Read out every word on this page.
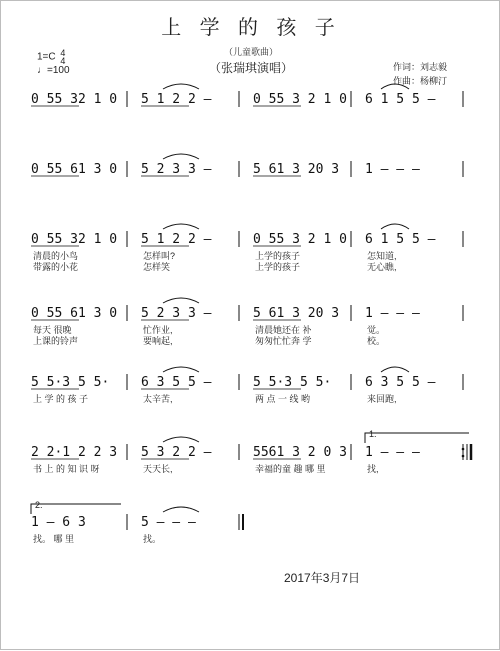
上 学 的 孩 子
（儿童歌曲）
（张瑞琪演唱）
1=C 4
4
♩=100	作词：刘志毅
作曲：杨柳汀
0 55 32 1 0 5 1 2 2 –	0 55 3 2 1 0 6 1 5 5 –
0 55 61 3 0 5 2 3 3 –	5 61 3 20 3 1 – – –
0 55 32 1 0 5 1 2 2 –	0 55 3 2 1 0 6 1 5 5 –
清晨的小鸟	怎样叫?	上学的孩子	怎知道,
带露的小花	怎样笑	上学的孩子	无心瞧,
0 55 61 3 0 5 2 3 3 –	5 61 3 20 3 1 – – –
每天 很晚	忙作业,	清晨她还在 补	觉。
上课的铃声	要响起,	匆匆忙忙奔 学	校。
5 5·3 5 5· 6 3 5 5 –	5 5·3 5 5·	6 3 5 5 –
上 学 的 孩 子	太辛苦,	两 点 一 线 哟	来回跑,
2 2·1 2 2 3 5 3 2 2 –	5561 3 2 0 3 1 – – –
书 上 的 知 识 呀	天天长,	幸福的童 趣 哪 里	找,
1 – 6 3	5 – – –
找。 哪 里	找。
1.
2.
2017年3月7日
